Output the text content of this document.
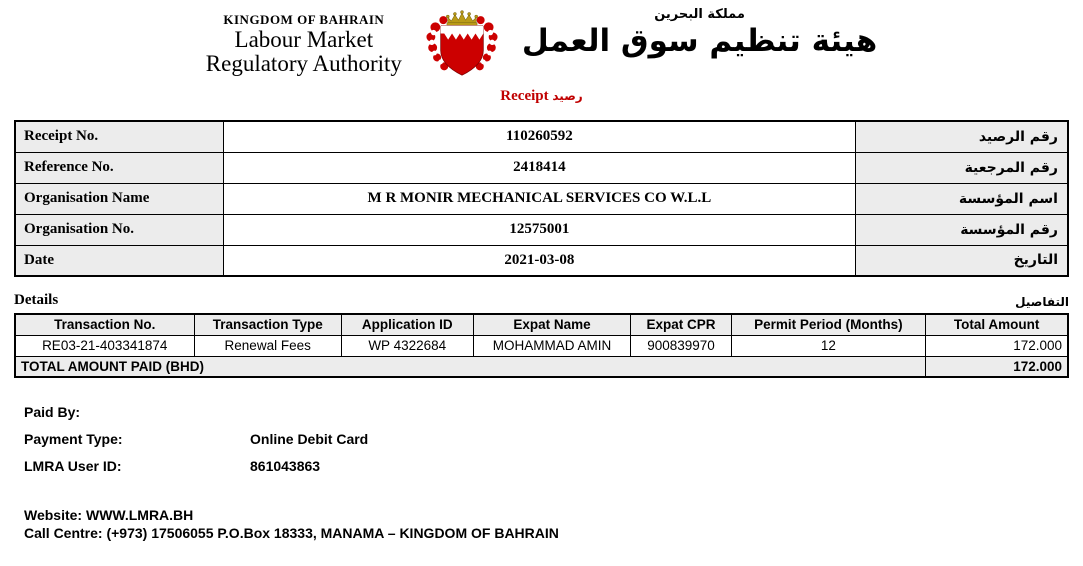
KINGDOM OF BAHRAIN
Labour Market
Regulatory Authority
مملكة البحرين
هيئة تنظيم سوق العمل
Receipt رصيد
Receipt No.	110260592	رقم الرصيد
Reference No.	2418414	رقم المرجعية
Organisation Name	M R MONIR MECHANICAL SERVICES CO W.L.L	اسم المؤسسة
Organisation No.	12575001	رقم المؤسسة
Date	2021-03-08	التاريخ
Details	التفاصيل
Transaction No.	Transaction Type	Application ID	Expat Name	Expat CPR	Permit Period (Months)	Total Amount
RE03-21-403341874	Renewal Fees	WP 4322684	MOHAMMAD AMIN	900839970	12	172.000
TOTAL AMOUNT PAID (BHD)						172.000
Paid By:
Payment Type:	Online Debit Card
LMRA User ID:	861043863
Website: WWW.LMRA.BH
Call Centre: (+973) 17506055 P.O.Box 18333, MANAMA – KINGDOM OF BAHRAIN
